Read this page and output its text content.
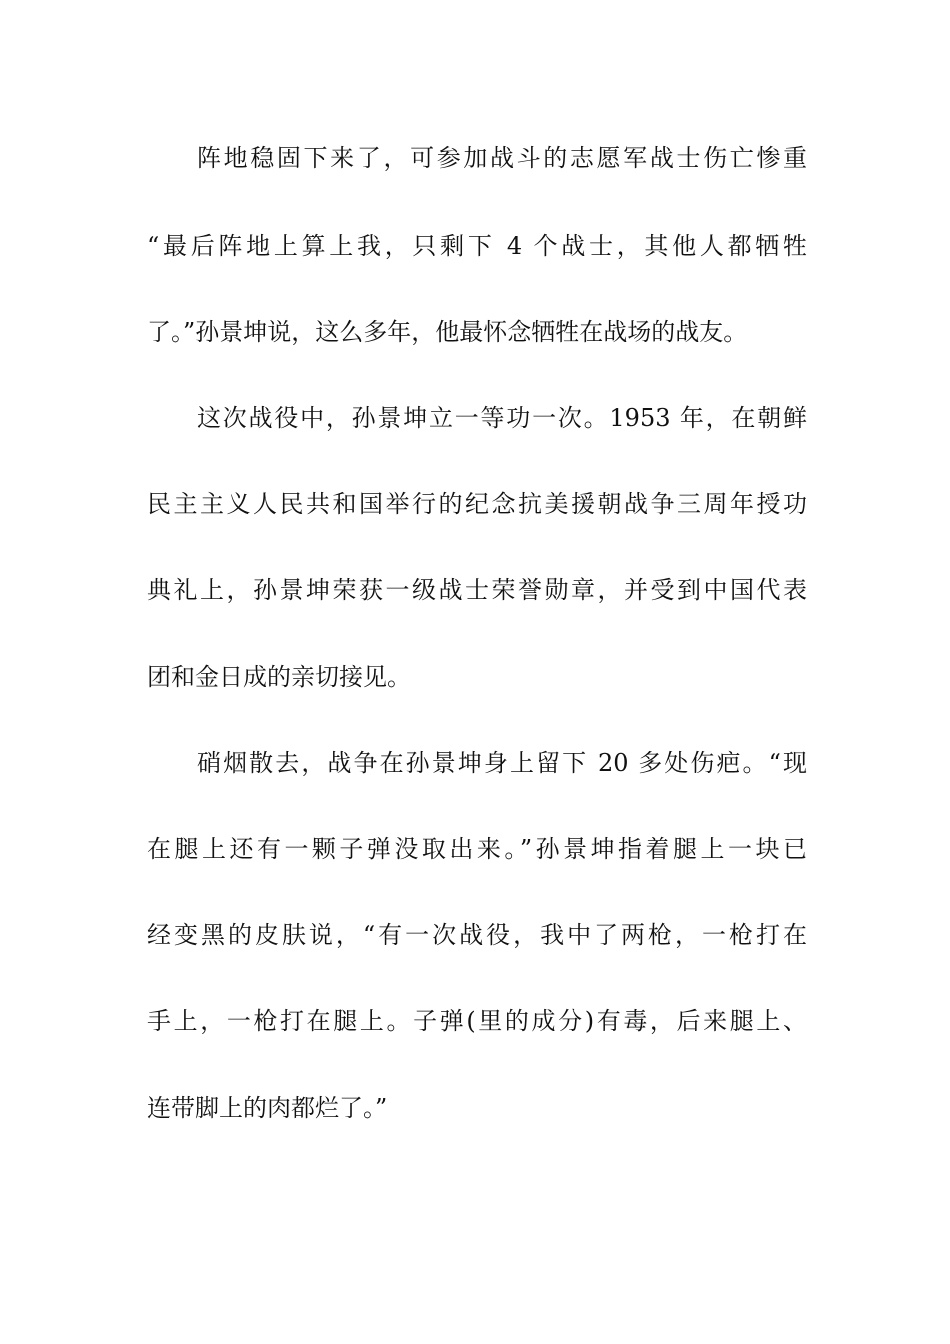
阵地稳固下来了，可参加战斗的志愿军战士伤亡惨重
“最后阵地上算上我，只剩下 4 个战士，其他人都牺牲
了。”孙景坤说，这么多年，他最怀念牺牲在战场的战友。
这次战役中，孙景坤立一等功一次。1953 年，在朝鲜
民主主义人民共和国举行的纪念抗美援朝战争三周年授功
典礼上，孙景坤荣获一级战士荣誉勋章，并受到中国代表
团和金日成的亲切接见。
硝烟散去，战争在孙景坤身上留下 20 多处伤疤。“现
在腿上还有一颗子弹没取出来。”孙景坤指着腿上一块已
经变黑的皮肤说，“有一次战役，我中了两枪，一枪打在
手上，一枪打在腿上。子弹(里的成分)有毒，后来腿上、
连带脚上的肉都烂了。”
